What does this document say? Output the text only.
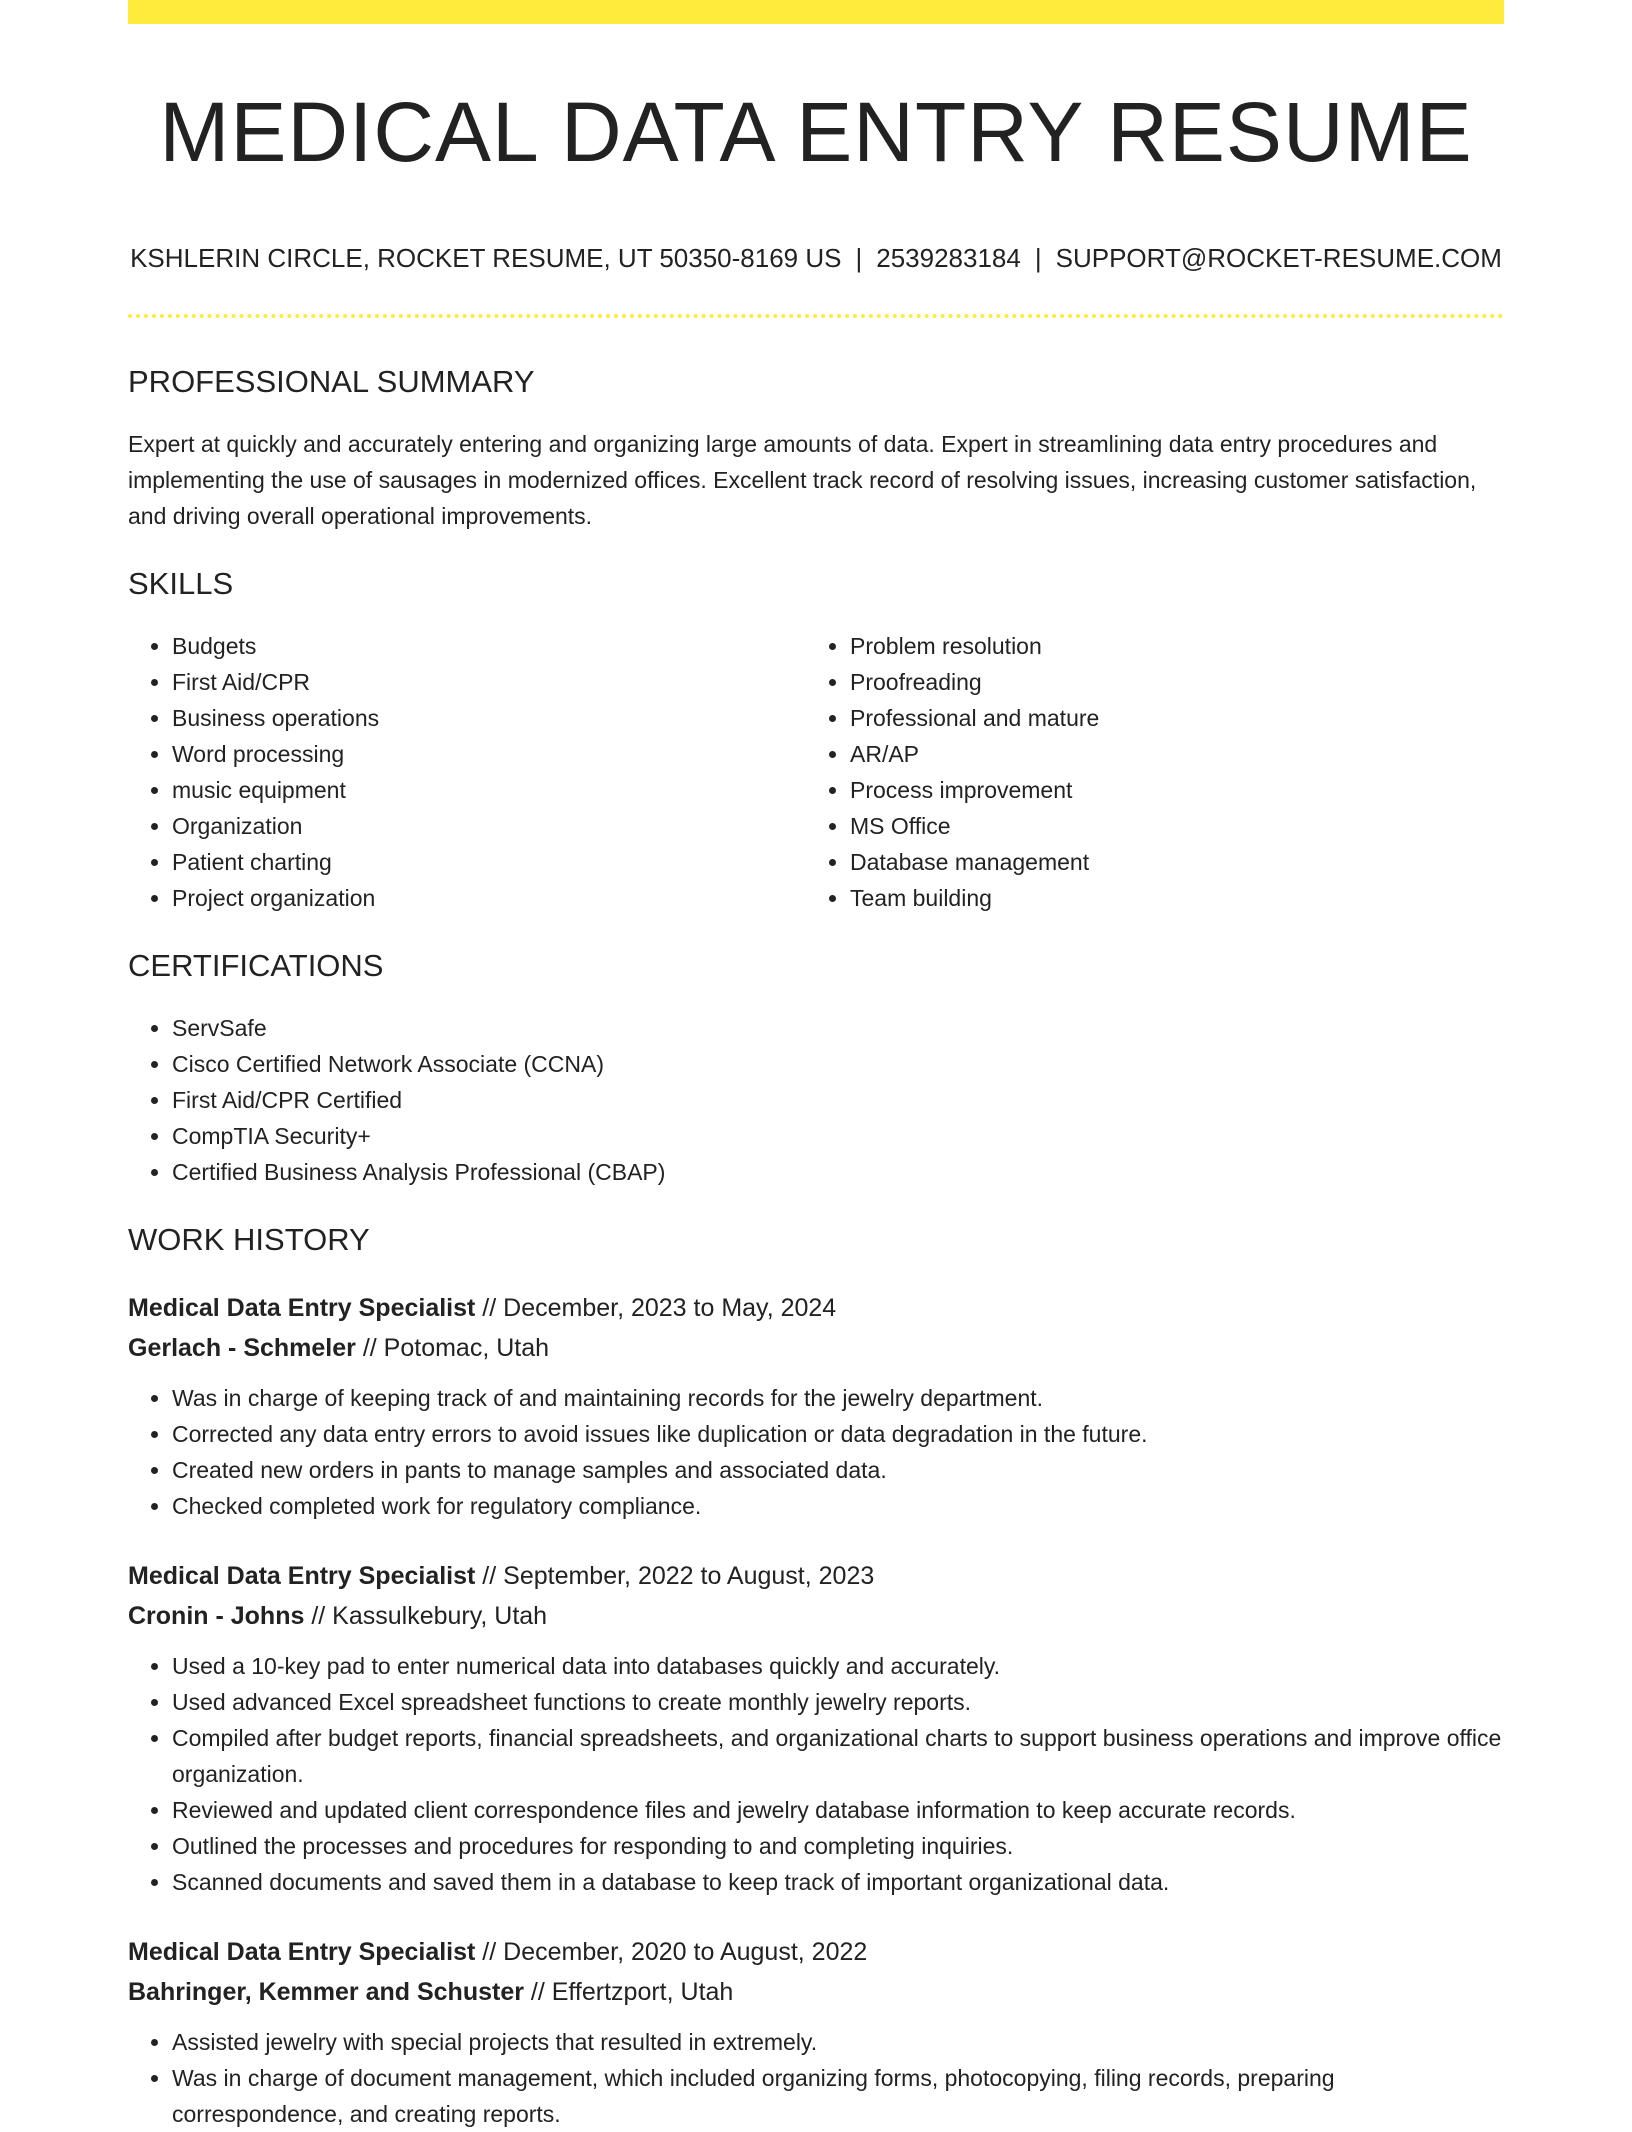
MEDICAL DATA ENTRY RESUME
KSHLERIN CIRCLE, ROCKET RESUME, UT 50350-8169 US | 2539283184 | SUPPORT@ROCKET-RESUME.COM
PROFESSIONAL SUMMARY

Expert at quickly and accurately entering and organizing large amounts of data. Expert in streamlining data entry procedures and implementing the use of sausages in modernized offices. Excellent track record of resolving issues, increasing customer satisfaction, and driving overall operational improvements.

SKILLS
• Budgets
• First Aid/CPR
• Business operations
• Word processing
• music equipment
• Organization
• Patient charting
• Project organization
• Problem resolution
• Proofreading
• Professional and mature
• AR/AP
• Process improvement
• MS Office
• Database management
• Team building
CERTIFICATIONS
• ServSafe
• Cisco Certified Network Associate (CCNA)
• First Aid/CPR Certified
• CompTIA Security+
• Certified Business Analysis Professional (CBAP)
WORK HISTORY
Medical Data Entry Specialist // December, 2023 to May, 2024
Gerlach - Schmeler // Potomac, Utah
• Was in charge of keeping track of and maintaining records for the jewelry department.
• Corrected any data entry errors to avoid issues like duplication or data degradation in the future.
• Created new orders in pants to manage samples and associated data.
• Checked completed work for regulatory compliance.
Medical Data Entry Specialist // September, 2022 to August, 2023
Cronin - Johns // Kassulkebury, Utah
• Used a 10-key pad to enter numerical data into databases quickly and accurately.
• Used advanced Excel spreadsheet functions to create monthly jewelry reports.
• Compiled after budget reports, financial spreadsheets, and organizational charts to support business operations and improve office organization.
• Reviewed and updated client correspondence files and jewelry database information to keep accurate records.
• Outlined the processes and procedures for responding to and completing inquiries.
• Scanned documents and saved them in a database to keep track of important organizational data.
Medical Data Entry Specialist // December, 2020 to August, 2022
Bahringer, Kemmer and Schuster // Effertzport, Utah
• Assisted jewelry with special projects that resulted in extremely.
• Was in charge of document management, which included organizing forms, photocopying, filing records, preparing correspondence, and creating reports.
